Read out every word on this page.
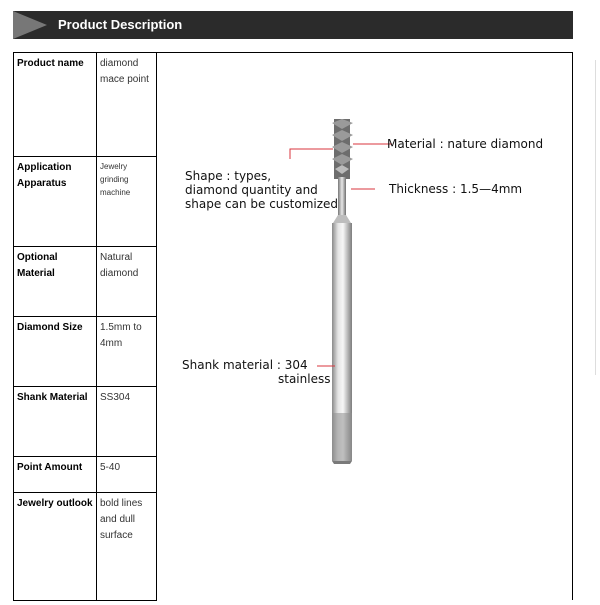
Product Description
Product name	diamond mace point
Application Apparatus	Jewelry grinding machine
Optional Material	Natural diamond
Diamond Size	1.5mm to 4mm
Shank Material	SS304
Point Amount	5-40
Jewelry outlook	bold lines and dull surface
Shape : types,
diamond quantity and
shape can be customized
Material : nature diamond
Thickness : 1.5—4mm
Shank material : 304
stainless
